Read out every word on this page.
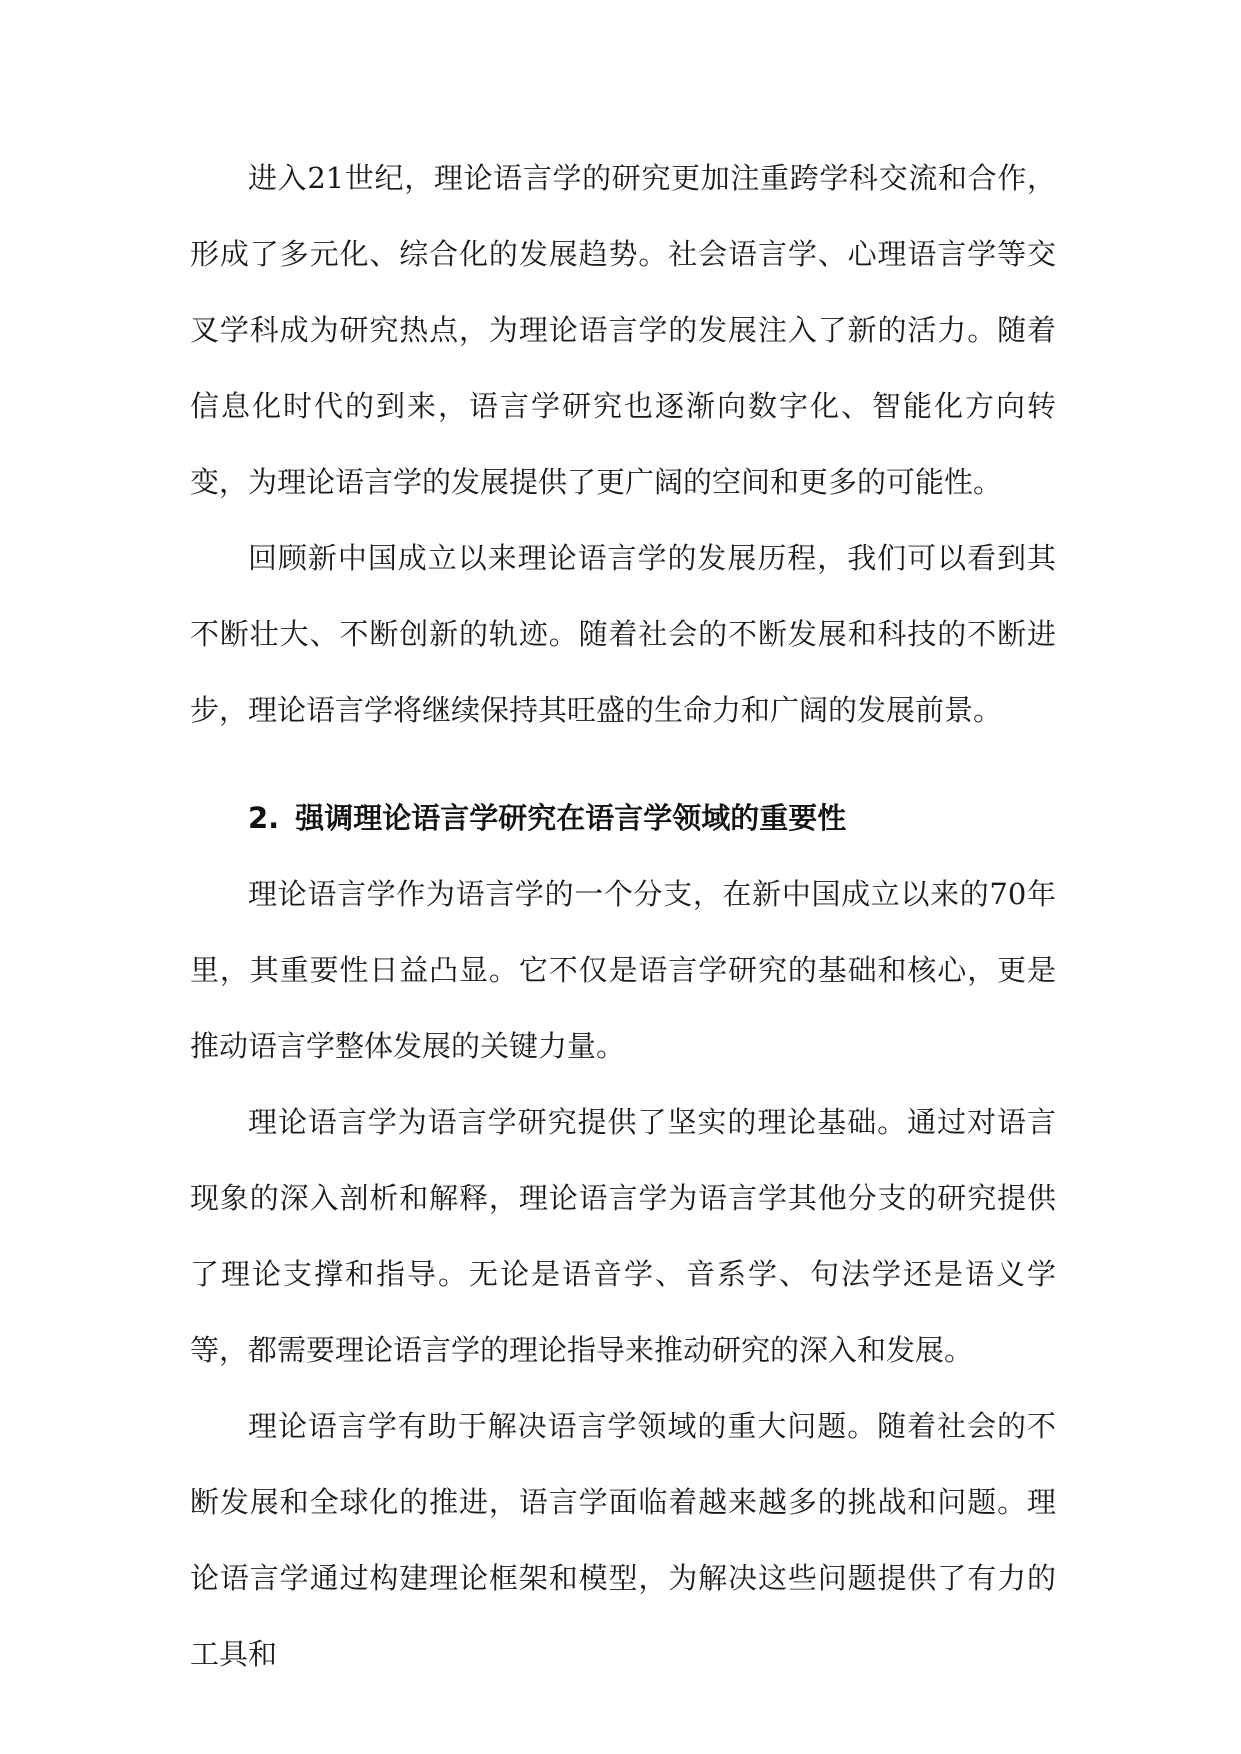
进入21世纪，理论语言学的研究更加注重跨学科交流和合作，形成了多元化、综合化的发展趋势。社会语言学、心理语言学等交叉学科成为研究热点，为理论语言学的发展注入了新的活力。随着信息化时代的到来，语言学研究也逐渐向数字化、智能化方向转变，为理论语言学的发展提供了更广阔的空间和更多的可能性。

回顾新中国成立以来理论语言学的发展历程，我们可以看到其不断壮大、不断创新的轨迹。随着社会的不断发展和科技的不断进步，理论语言学将继续保持其旺盛的生命力和广阔的发展前景。

2. 强调理论语言学研究在语言学领域的重要性

理论语言学作为语言学的一个分支，在新中国成立以来的70年里，其重要性日益凸显。它不仅是语言学研究的基础和核心，更是推动语言学整体发展的关键力量。

理论语言学为语言学研究提供了坚实的理论基础。通过对语言现象的深入剖析和解释，理论语言学为语言学其他分支的研究提供了理论支撑和指导。无论是语音学、音系学、句法学还是语义学等，都需要理论语言学的理论指导来推动研究的深入和发展。

理论语言学有助于解决语言学领域的重大问题。随着社会的不断发展和全球化的推进，语言学面临着越来越多的挑战和问题。理论语言学通过构建理论框架和模型，为解决这些问题提供了有力的工具和
